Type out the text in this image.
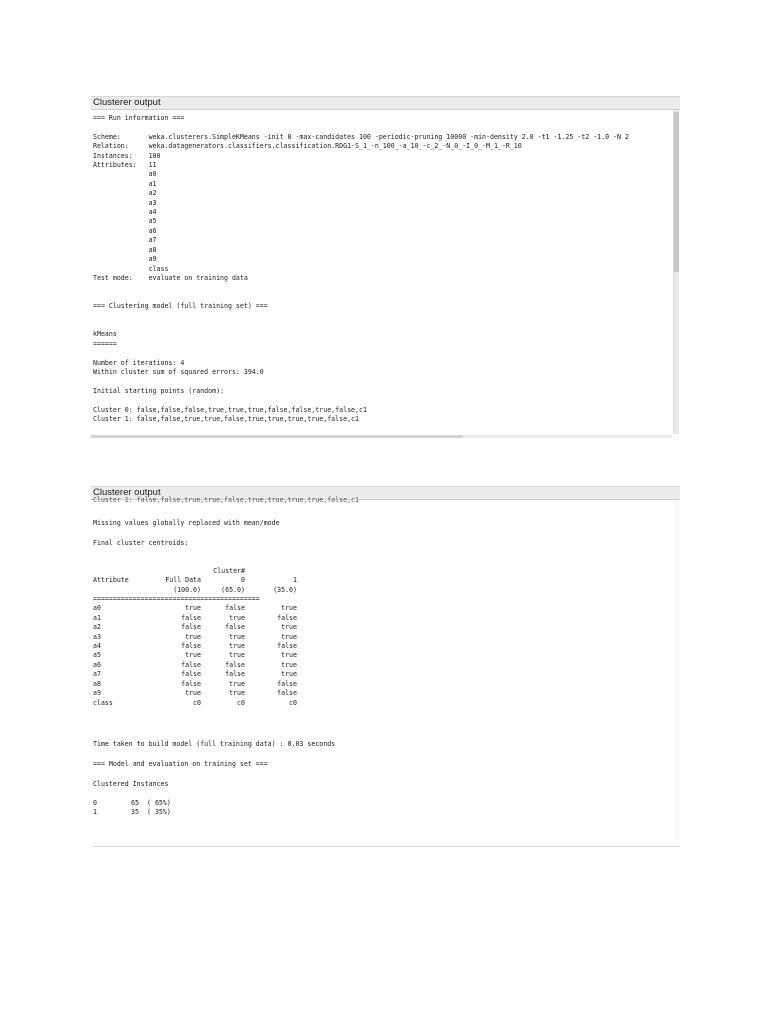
Clusterer output
=== Run information ===

Scheme:       weka.clusterers.SimpleKMeans -init 0 -max-candidates 100 -periodic-pruning 10000 -min-density 2.0 -t1 -1.25 -t2 -1.0 -N 2
Relation:     weka.datagenerators.classifiers.classification.RDG1-S_1_-n_100_-a_10_-c_2_-N_0_-I_0_-M_1_-R_10
Instances:    100
Attributes:   11
a0
a1
a2
a3
a4
a5
a6
a7
a8
a9
class
Test mode:    evaluate on training data

=== Clustering model (full training set) ===

kMeans
======

Number of iterations: 4
Within cluster sum of squared errors: 394.0

Initial starting points (random):

Cluster 0: false,false,false,true,true,true,false,false,true,false,c1
Cluster 1: false,false,true,true,false,true,true,true,true,false,c1
Clusterer output
Cluster 1: false,false,true,true,false,true,true,true,true,false,c1
Missing values globally replaced with mean/mode
Final cluster centroids:

		Cluster#	
Attribute	Full Data	0	1
	(100.0)	(65.0)	(35.0)
==========================================			
a0	true	false	true
a1	false	true	false
a2	false	false	true
a3	true	true	true
a4	false	true	false
a5	true	true	true
a6	false	false	true
a7	false	false	true
a8	false	true	false
a9	true	true	false
class	c0	c0	c0

Time taken to build model (full training data) : 0.03 seconds
=== Model and evaluation on training set ===
Clustered Instances
0	65 ( 65%)
1	35 ( 35%)
